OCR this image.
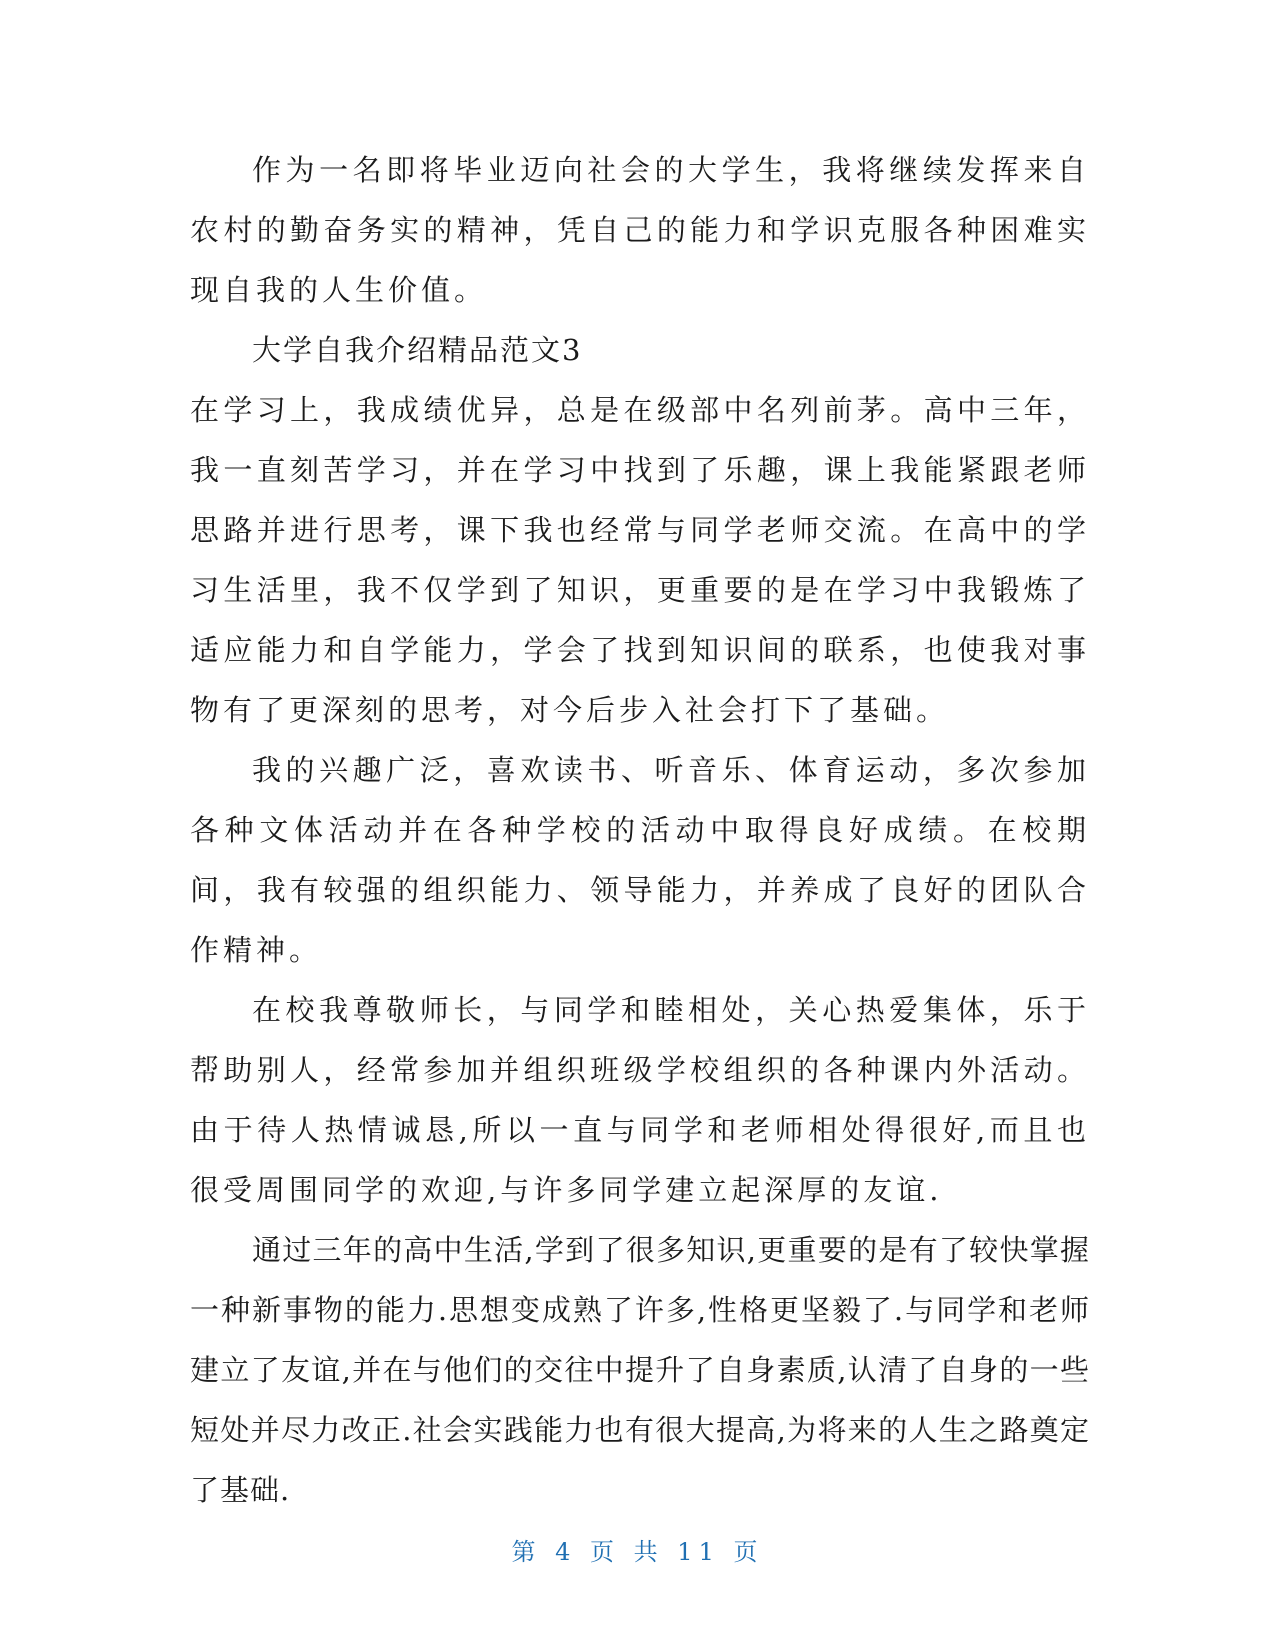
作为一名即将毕业迈向社会的大学生，我将继续发挥来自农村的勤奋务实的精神，凭自己的能力和学识克服各种困难实现自我的人生价值。

大学自我介绍精品范文3

在学习上，我成绩优异，总是在级部中名列前茅。高中三年，我一直刻苦学习，并在学习中找到了乐趣，课上我能紧跟老师思路并进行思考，课下我也经常与同学老师交流。在高中的学习生活里，我不仅学到了知识，更重要的是在学习中我锻炼了适应能力和自学能力，学会了找到知识间的联系，也使我对事物有了更深刻的思考，对今后步入社会打下了基础。

我的兴趣广泛，喜欢读书、听音乐、体育运动，多次参加各种文体活动并在各种学校的活动中取得良好成绩。在校期间，我有较强的组织能力、领导能力，并养成了良好的团队合作精神。

在校我尊敬师长，与同学和睦相处，关心热爱集体，乐于帮助别人，经常参加并组织班级学校组织的各种课内外活动。由于待人热情诚恳,所以一直与同学和老师相处得很好,而且也很受周围同学的欢迎,与许多同学建立起深厚的友谊.

通过三年的高中生活,学到了很多知识,更重要的是有了较快掌握一种新事物的能力.思想变成熟了许多,性格更坚毅了.与同学和老师建立了友谊,并在与他们的交往中提升了自身素质,认清了自身的一些短处并尽力改正.社会实践能力也有很大提高,为将来的人生之路奠定了基础.

第 4 页 共 11 页
